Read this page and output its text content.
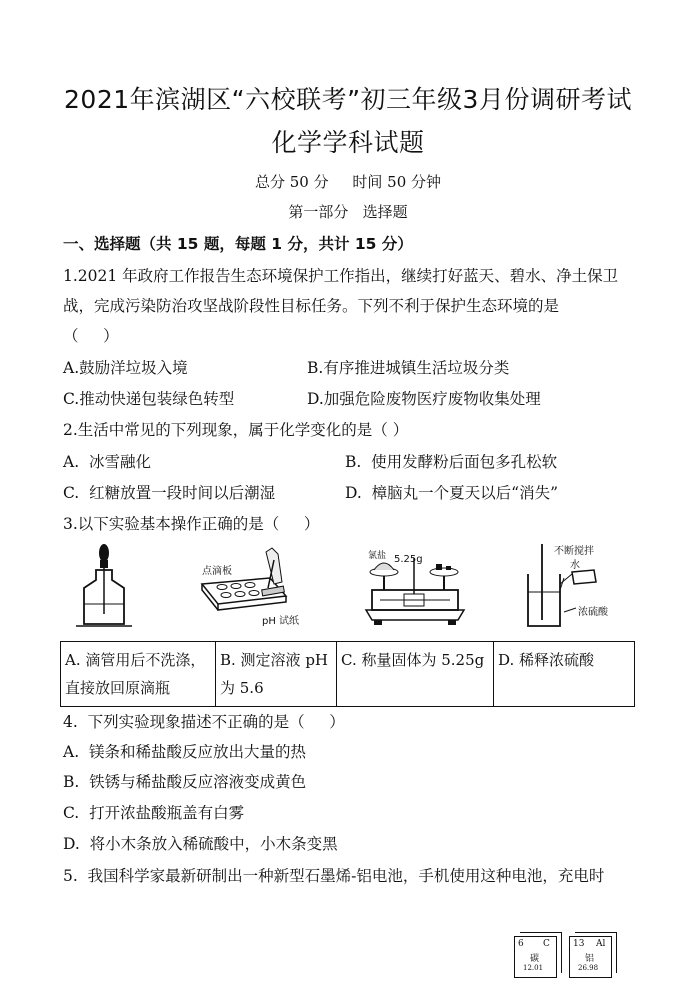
2021年滨湖区“六校联考”初三年级3月份调研考试
化学学科试题
总分 50 分     时间 50 分钟
第一部分   选择题
一、选择题（共 15 题，每题 1 分，共计 15 分）
1.2021 年政府工作报告生态环境保护工作指出，继续打好蓝天、碧水、净土保卫
战，完成污染防治攻坚战阶段性目标任务。下列不利于保护生态环境的是
（     ）
A.鼓励洋垃圾入境	B.有序推进城镇生活垃圾分类
C.推动快递包装绿色转型	D.加强危险废物医疗废物收集处理
2.生活中常见的下列现象，属于化学变化的是（ ）
A.  冰雪融化	B.  使用发酵粉后面包多孔松软
C.  红糖放置一段时间以后潮湿	D.  樟脑丸一个夏天以后“消失”
3.以下实验基本操作正确的是（     ）
点滴板
pH 试纸
氯盐 5.25g
不断搅拌
水
浓硫酸
A. 滴管用后不洗涤，直接放回原滴瓶	B. 测定溶液 pH 为 5.6	C. 称量固体为 5.25g	D. 稀释浓硫酸
4.  下列实验现象描述不正确的是（     ）
A.  镁条和稀盐酸反应放出大量的热
B.  铁锈与稀盐酸反应溶液变成黄色
C.  打开浓盐酸瓶盖有白雾
D.  将小木条放入稀硫酸中，小木条变黑
5.  我国科学家最新研制出一种新型石墨烯-铝电池，手机使用这种电池，充电时
6 C
碳
12.01
13 Al
铝
26.98
